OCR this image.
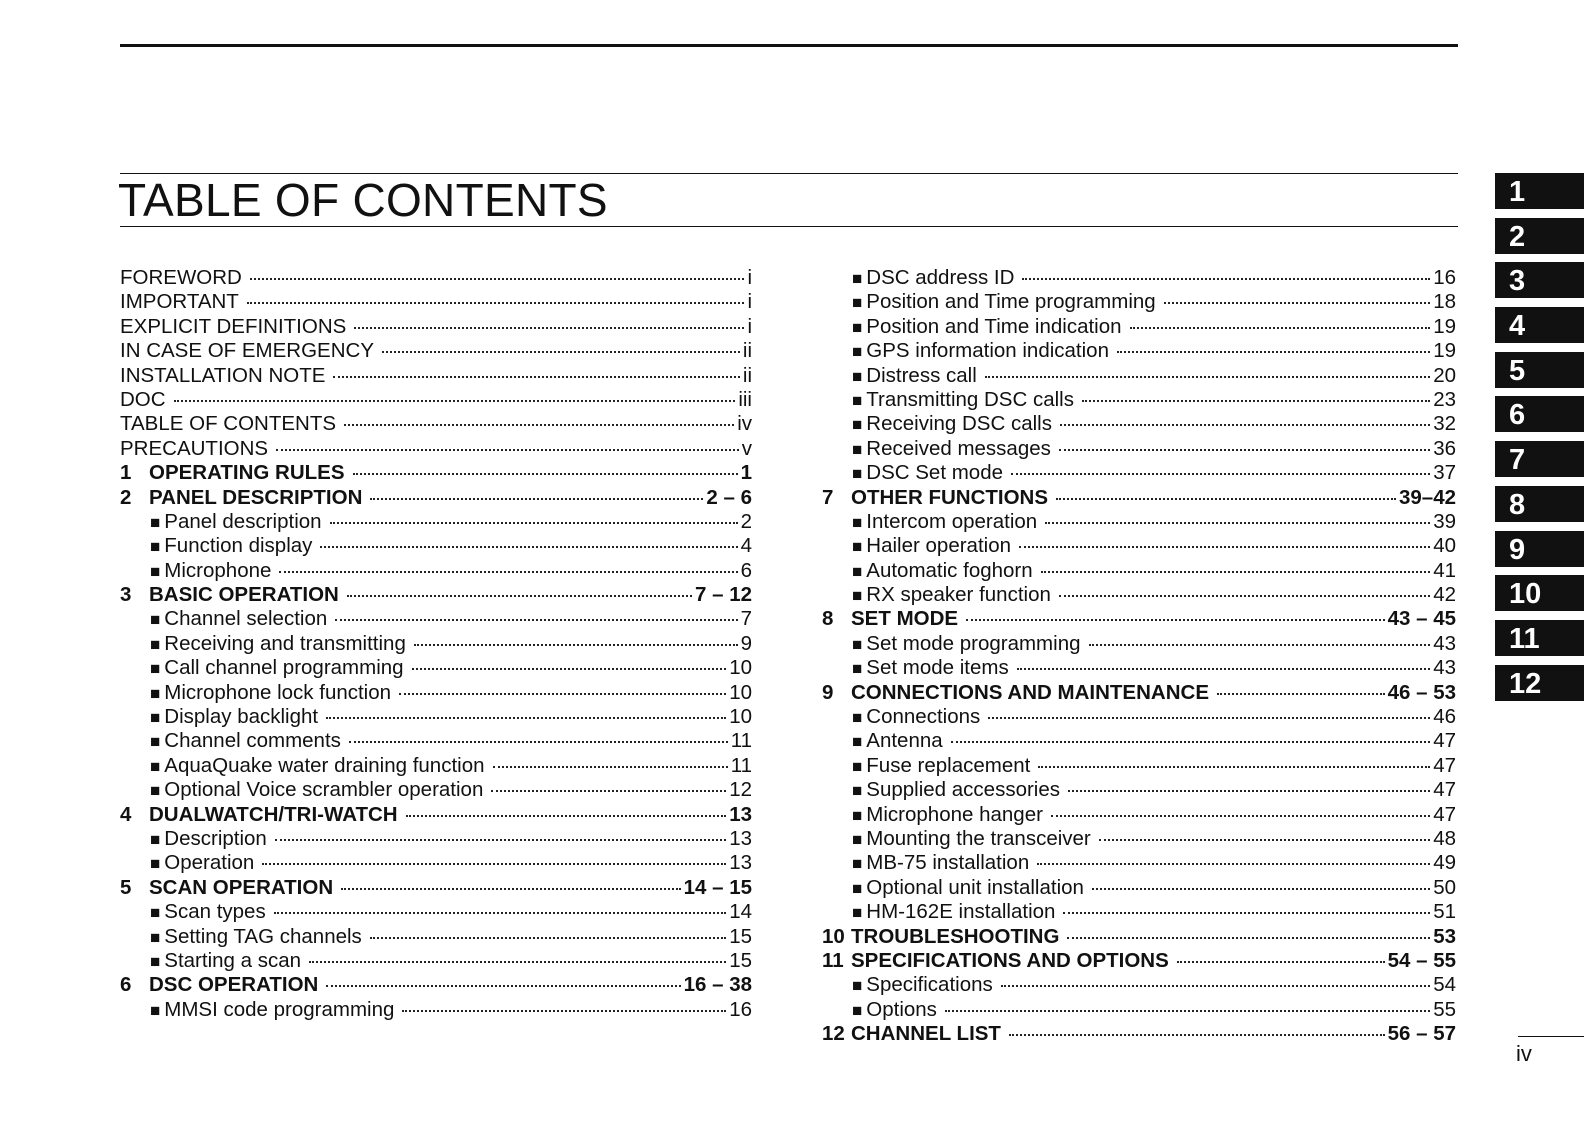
TABLE OF CONTENTS
FOREWORD	i
IMPORTANT	i
EXPLICIT DEFINITIONS	i
IN CASE OF EMERGENCY	ii
INSTALLATION NOTE	ii
DOC	iii
TABLE OF CONTENTS	iv
PRECAUTIONS	v
1 OPERATING RULES	1
2 PANEL DESCRIPTION	2 – 6
■ Panel description	2
■ Function display	4
■ Microphone	6
3 BASIC OPERATION	7 – 12
■ Channel selection	7
■ Receiving and transmitting	9
■ Call channel programming	10
■ Microphone lock function	10
■ Display backlight	10
■ Channel comments	11
■ AquaQuake water draining function	11
■ Optional Voice scrambler operation	12
4 DUALWATCH/TRI-WATCH	13
■ Description	13
■ Operation	13
5 SCAN OPERATION	14 – 15
■ Scan types	14
■ Setting TAG channels	15
■ Starting a scan	15
6 DSC OPERATION	16 – 38
■ MMSI code programming	16
■ DSC address ID	16
■ Position and Time programming	18
■ Position and Time indication	19
■ GPS information indication	19
■ Distress call	20
■ Transmitting DSC calls	23
■ Receiving DSC calls	32
■ Received messages	36
■ DSC Set mode	37
7 OTHER FUNCTIONS	39–42
■ Intercom operation	39
■ Hailer operation	40
■ Automatic foghorn	41
■ RX speaker function	42
8 SET MODE	43 – 45
■ Set mode programming	43
■ Set mode items	43
9 CONNECTIONS AND MAINTENANCE	46 – 53
■ Connections	46
■ Antenna	47
■ Fuse replacement	47
■ Supplied accessories	47
■ Microphone hanger	47
■ Mounting the transceiver	48
■ MB-75 installation	49
■ Optional unit installation	50
■ HM-162E installation	51
10 TROUBLESHOOTING	53
11 SPECIFICATIONS AND OPTIONS	54 – 55
■ Specifications	54
■ Options	55
12 CHANNEL LIST	56 – 57
1
2
3
4
5
6
7
8
9
10
11
12
iv
